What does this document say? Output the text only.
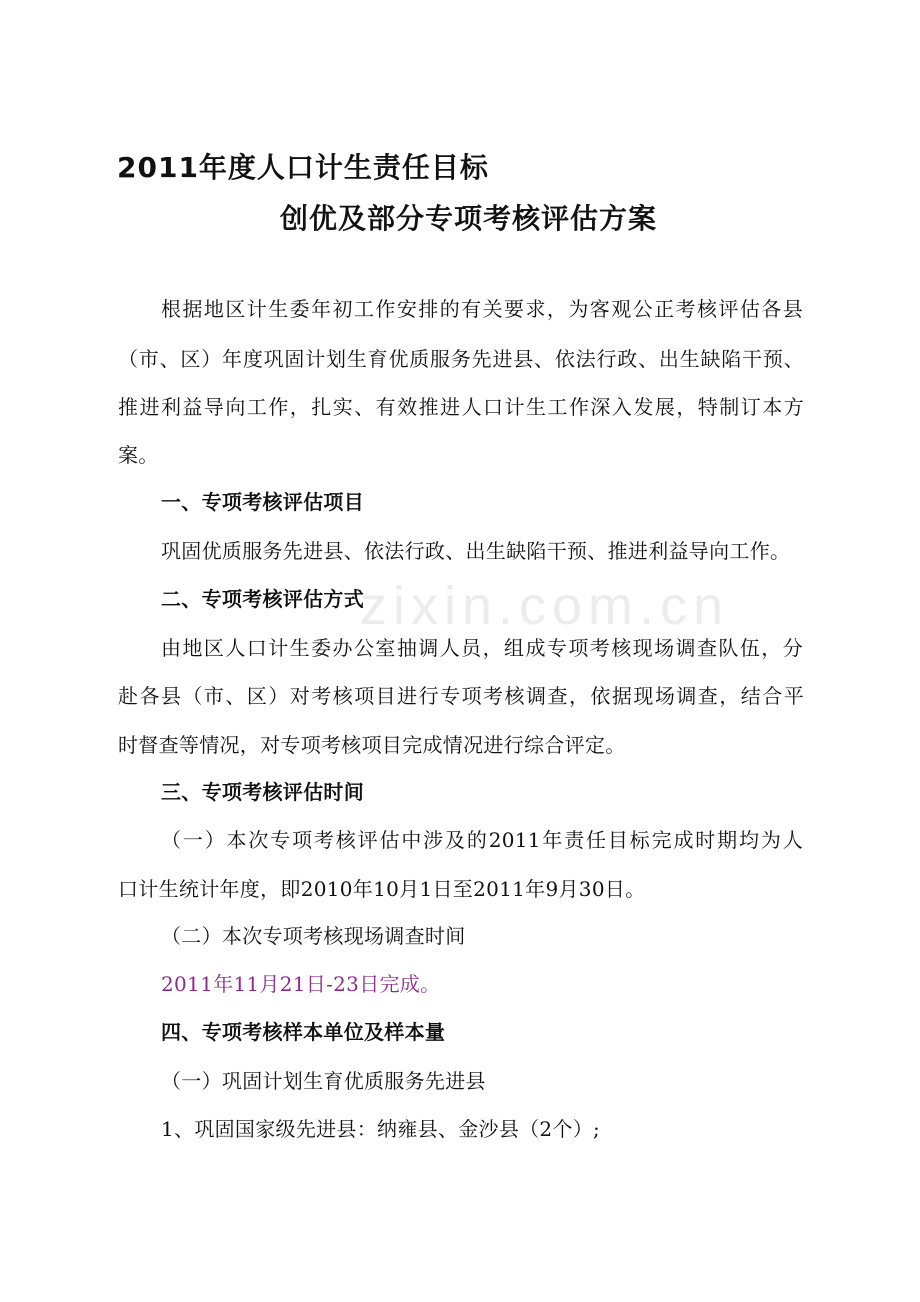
2011年度人口计生责任目标
创优及部分专项考核评估方案
zixin.com.cn
根据地区计生委年初工作安排的有关要求，为客观公正考核评估各县
（市、区）年度巩固计划生育优质服务先进县、依法行政、出生缺陷干预、
推进利益导向工作，扎实、有效推进人口计生工作深入发展，特制订本方
案。
一、专项考核评估项目
巩固优质服务先进县、依法行政、出生缺陷干预、推进利益导向工作。
二、专项考核评估方式
由地区人口计生委办公室抽调人员，组成专项考核现场调查队伍，分
赴各县（市、区）对考核项目进行专项考核调查，依据现场调查，结合平
时督查等情况，对专项考核项目完成情况进行综合评定。
三、专项考核评估时间
（一）本次专项考核评估中涉及的2011年责任目标完成时期均为人
口计生统计年度，即2010年10月1日至2011年9月30日。
（二）本次专项考核现场调查时间
2011年11月21日-23日完成。
四、专项考核样本单位及样本量
（一）巩固计划生育优质服务先进县
1、巩固国家级先进县：纳雍县、金沙县（2个）;
